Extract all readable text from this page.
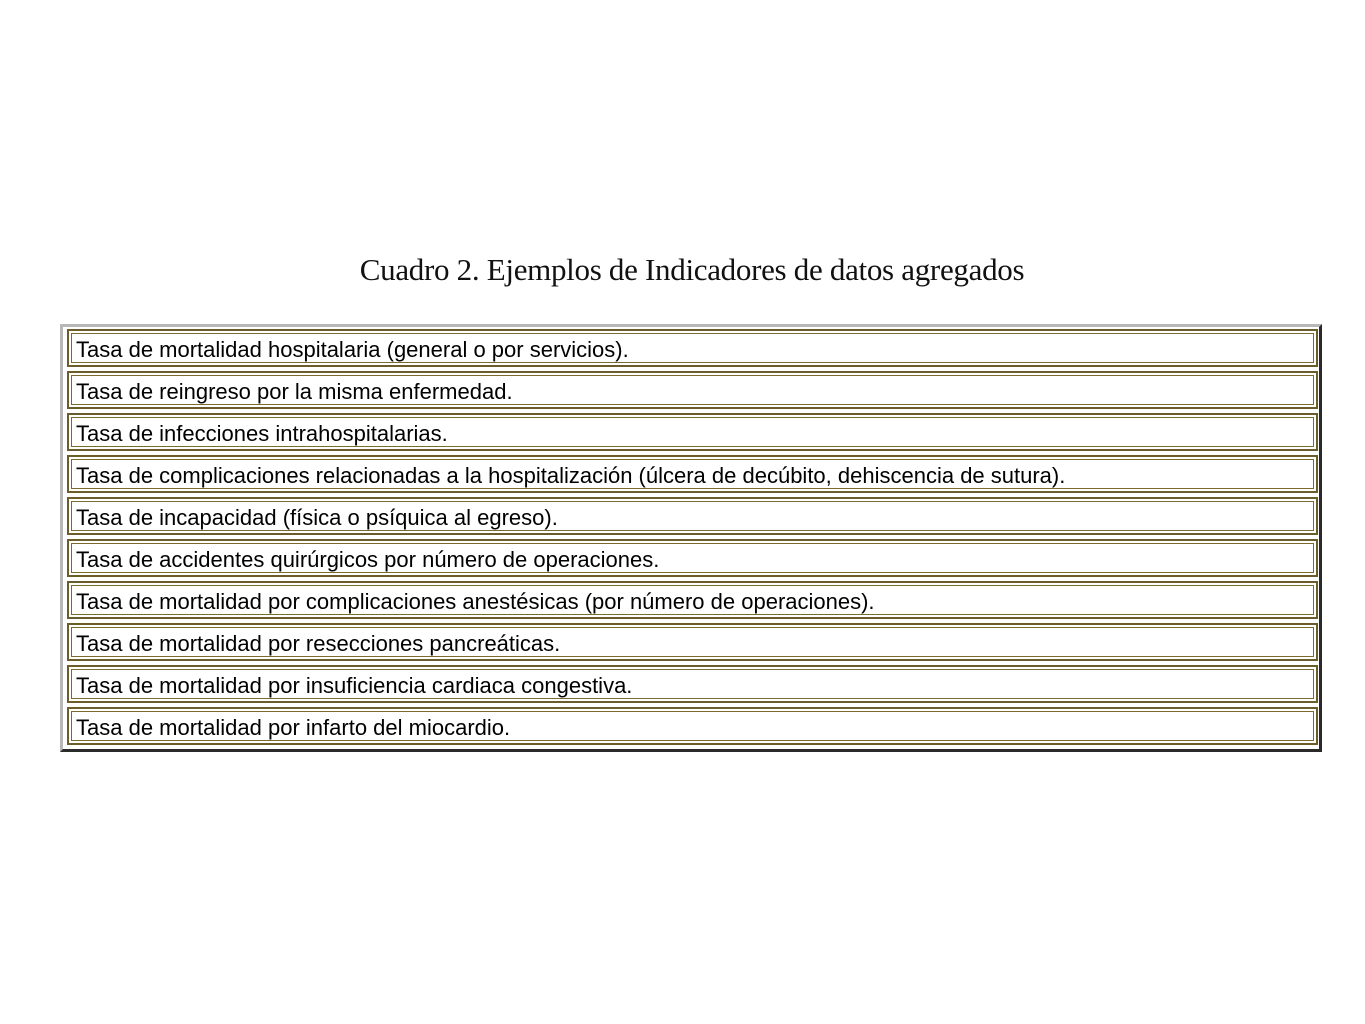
Cuadro 2. Ejemplos de Indicadores de datos agregados
Tasa de mortalidad hospitalaria (general o por servicios).
Tasa de reingreso por la misma enfermedad.
Tasa de infecciones intrahospitalarias.
Tasa de complicaciones relacionadas a la hospitalización (úlcera de decúbito, dehiscencia de sutura).
Tasa de incapacidad (física o psíquica al egreso).
Tasa de accidentes quirúrgicos por número de operaciones.
Tasa de mortalidad por complicaciones anestésicas (por número de operaciones).
Tasa de mortalidad por resecciones pancreáticas.
Tasa de mortalidad por insuficiencia cardiaca congestiva.
Tasa de mortalidad por infarto del miocardio.
